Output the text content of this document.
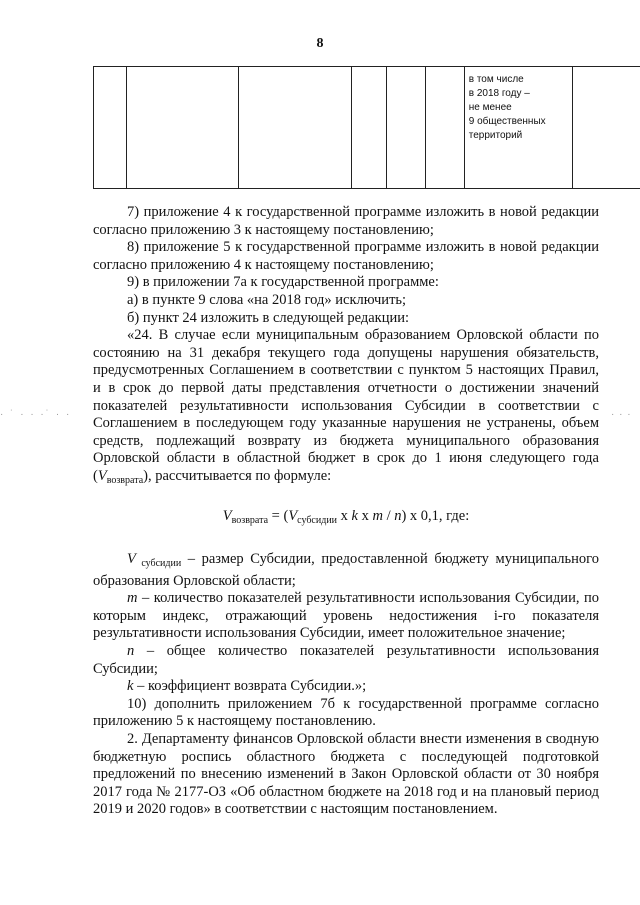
8

в том числе
в 2018 году –
не менее
9 общественных
территорий

· ˙ · · ·˙ · ·	· · ·

7) приложение 4 к государственной программе изложить в новой редакции согласно приложению 3 к настоящему постановлению;

8) приложение 5 к государственной программе изложить в новой редакции согласно приложению 4 к настоящему постановлению;

9) в приложении 7а к государственной программе:

а) в пункте 9 слова «на 2018 год» исключить;

б) пункт 24 изложить в следующей редакции:

«24. В случае если муниципальным образованием Орловской области по состоянию на 31 декабря текущего года допущены нарушения обязательств, предусмотренных Соглашением в соответствии с пунктом 5 настоящих Правил, и в срок до первой даты представления отчетности о достижении значений показателей результативности использования Субсидии в соответствии с Соглашением в последующем году указанные нарушения не устранены, объем средств, подлежащий возврату из бюджета муниципального образования Орловской области в областной бюджет в срок до 1 июня следующего года $(V_{возврата})$, рассчитывается по формуле:

$V_{возврата} = (V_{субсидии}$ x k x m / n) x 0,1, где:

V $_{субсидии}$ – размер Субсидии, предоставленной бюджету муниципального образования Орловской области;

m – количество показателей результативности использования Субсидии, по которым индекс, отражающий уровень недостижения i-го показателя результативности использования Субсидии, имеет положительное значение;

n – общее количество показателей результативности использования Субсидии;

k – коэффициент возврата Субсидии.»;

10) дополнить приложением 7б к государственной программе согласно приложению 5 к настоящему постановлению.

2. Департаменту финансов Орловской области внести изменения в сводную бюджетную роспись областного бюджета с последующей подготовкой предложений по внесению изменений в Закон Орловской области от 30 ноября 2017 года № 2177-ОЗ «Об областном бюджете на 2018 год и на плановый период 2019 и 2020 годов» в соответствии с настоящим постановлением.
